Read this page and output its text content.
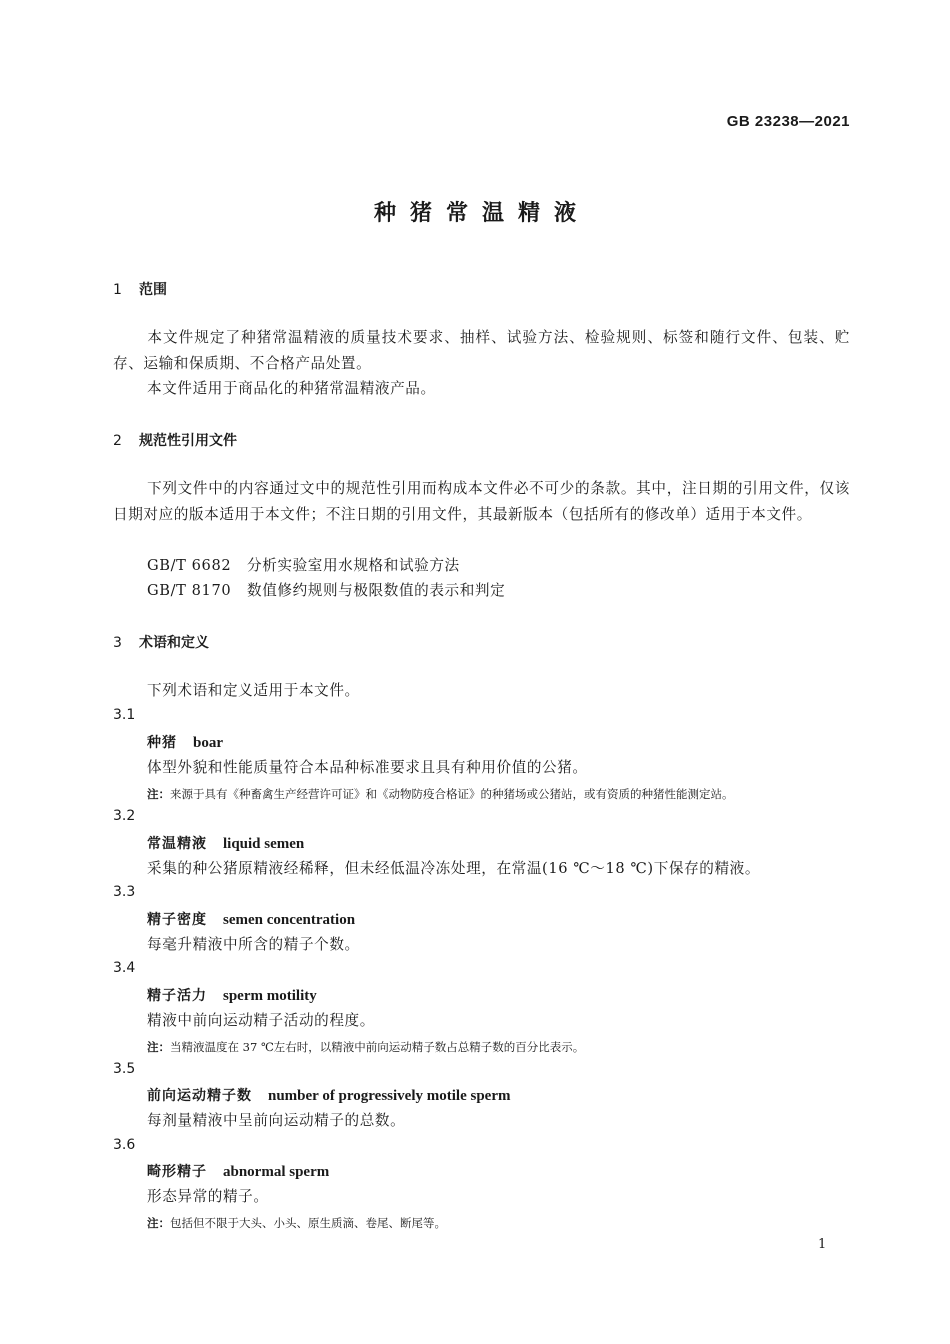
GB 23238—2021
种猪常温精液
1 范围
本文件规定了种猪常温精液的质量技术要求、抽样、试验方法、检验规则、标签和随行文件、包装、贮存、运输和保质期、不合格产品处置。
本文件适用于商品化的种猪常温精液产品。
2 规范性引用文件
下列文件中的内容通过文中的规范性引用而构成本文件必不可少的条款。其中，注日期的引用文件，仅该日期对应的版本适用于本文件；不注日期的引用文件，其最新版本（包括所有的修改单）适用于本文件。
GB/T 6682 分析实验室用水规格和试验方法
GB/T 8170 数值修约规则与极限数值的表示和判定
3 术语和定义
下列术语和定义适用于本文件。
3.1
种猪 boar
体型外貌和性能质量符合本品种标准要求且具有种用价值的公猪。
注：来源于具有《种畜禽生产经营许可证》和《动物防疫合格证》的种猪场或公猪站，或有资质的种猪性能测定站。
3.2
常温精液 liquid semen
采集的种公猪原精液经稀释，但未经低温冷冻处理，在常温(16 ℃～18 ℃)下保存的精液。
3.3
精子密度 semen concentration
每毫升精液中所含的精子个数。
3.4
精子活力 sperm motility
精液中前向运动精子活动的程度。
注：当精液温度在 37 ℃左右时，以精液中前向运动精子数占总精子数的百分比表示。
3.5
前向运动精子数 number of progressively motile sperm
每剂量精液中呈前向运动精子的总数。
3.6
畸形精子 abnormal sperm
形态异常的精子。
注：包括但不限于大头、小头、原生质滴、卷尾、断尾等。
1
